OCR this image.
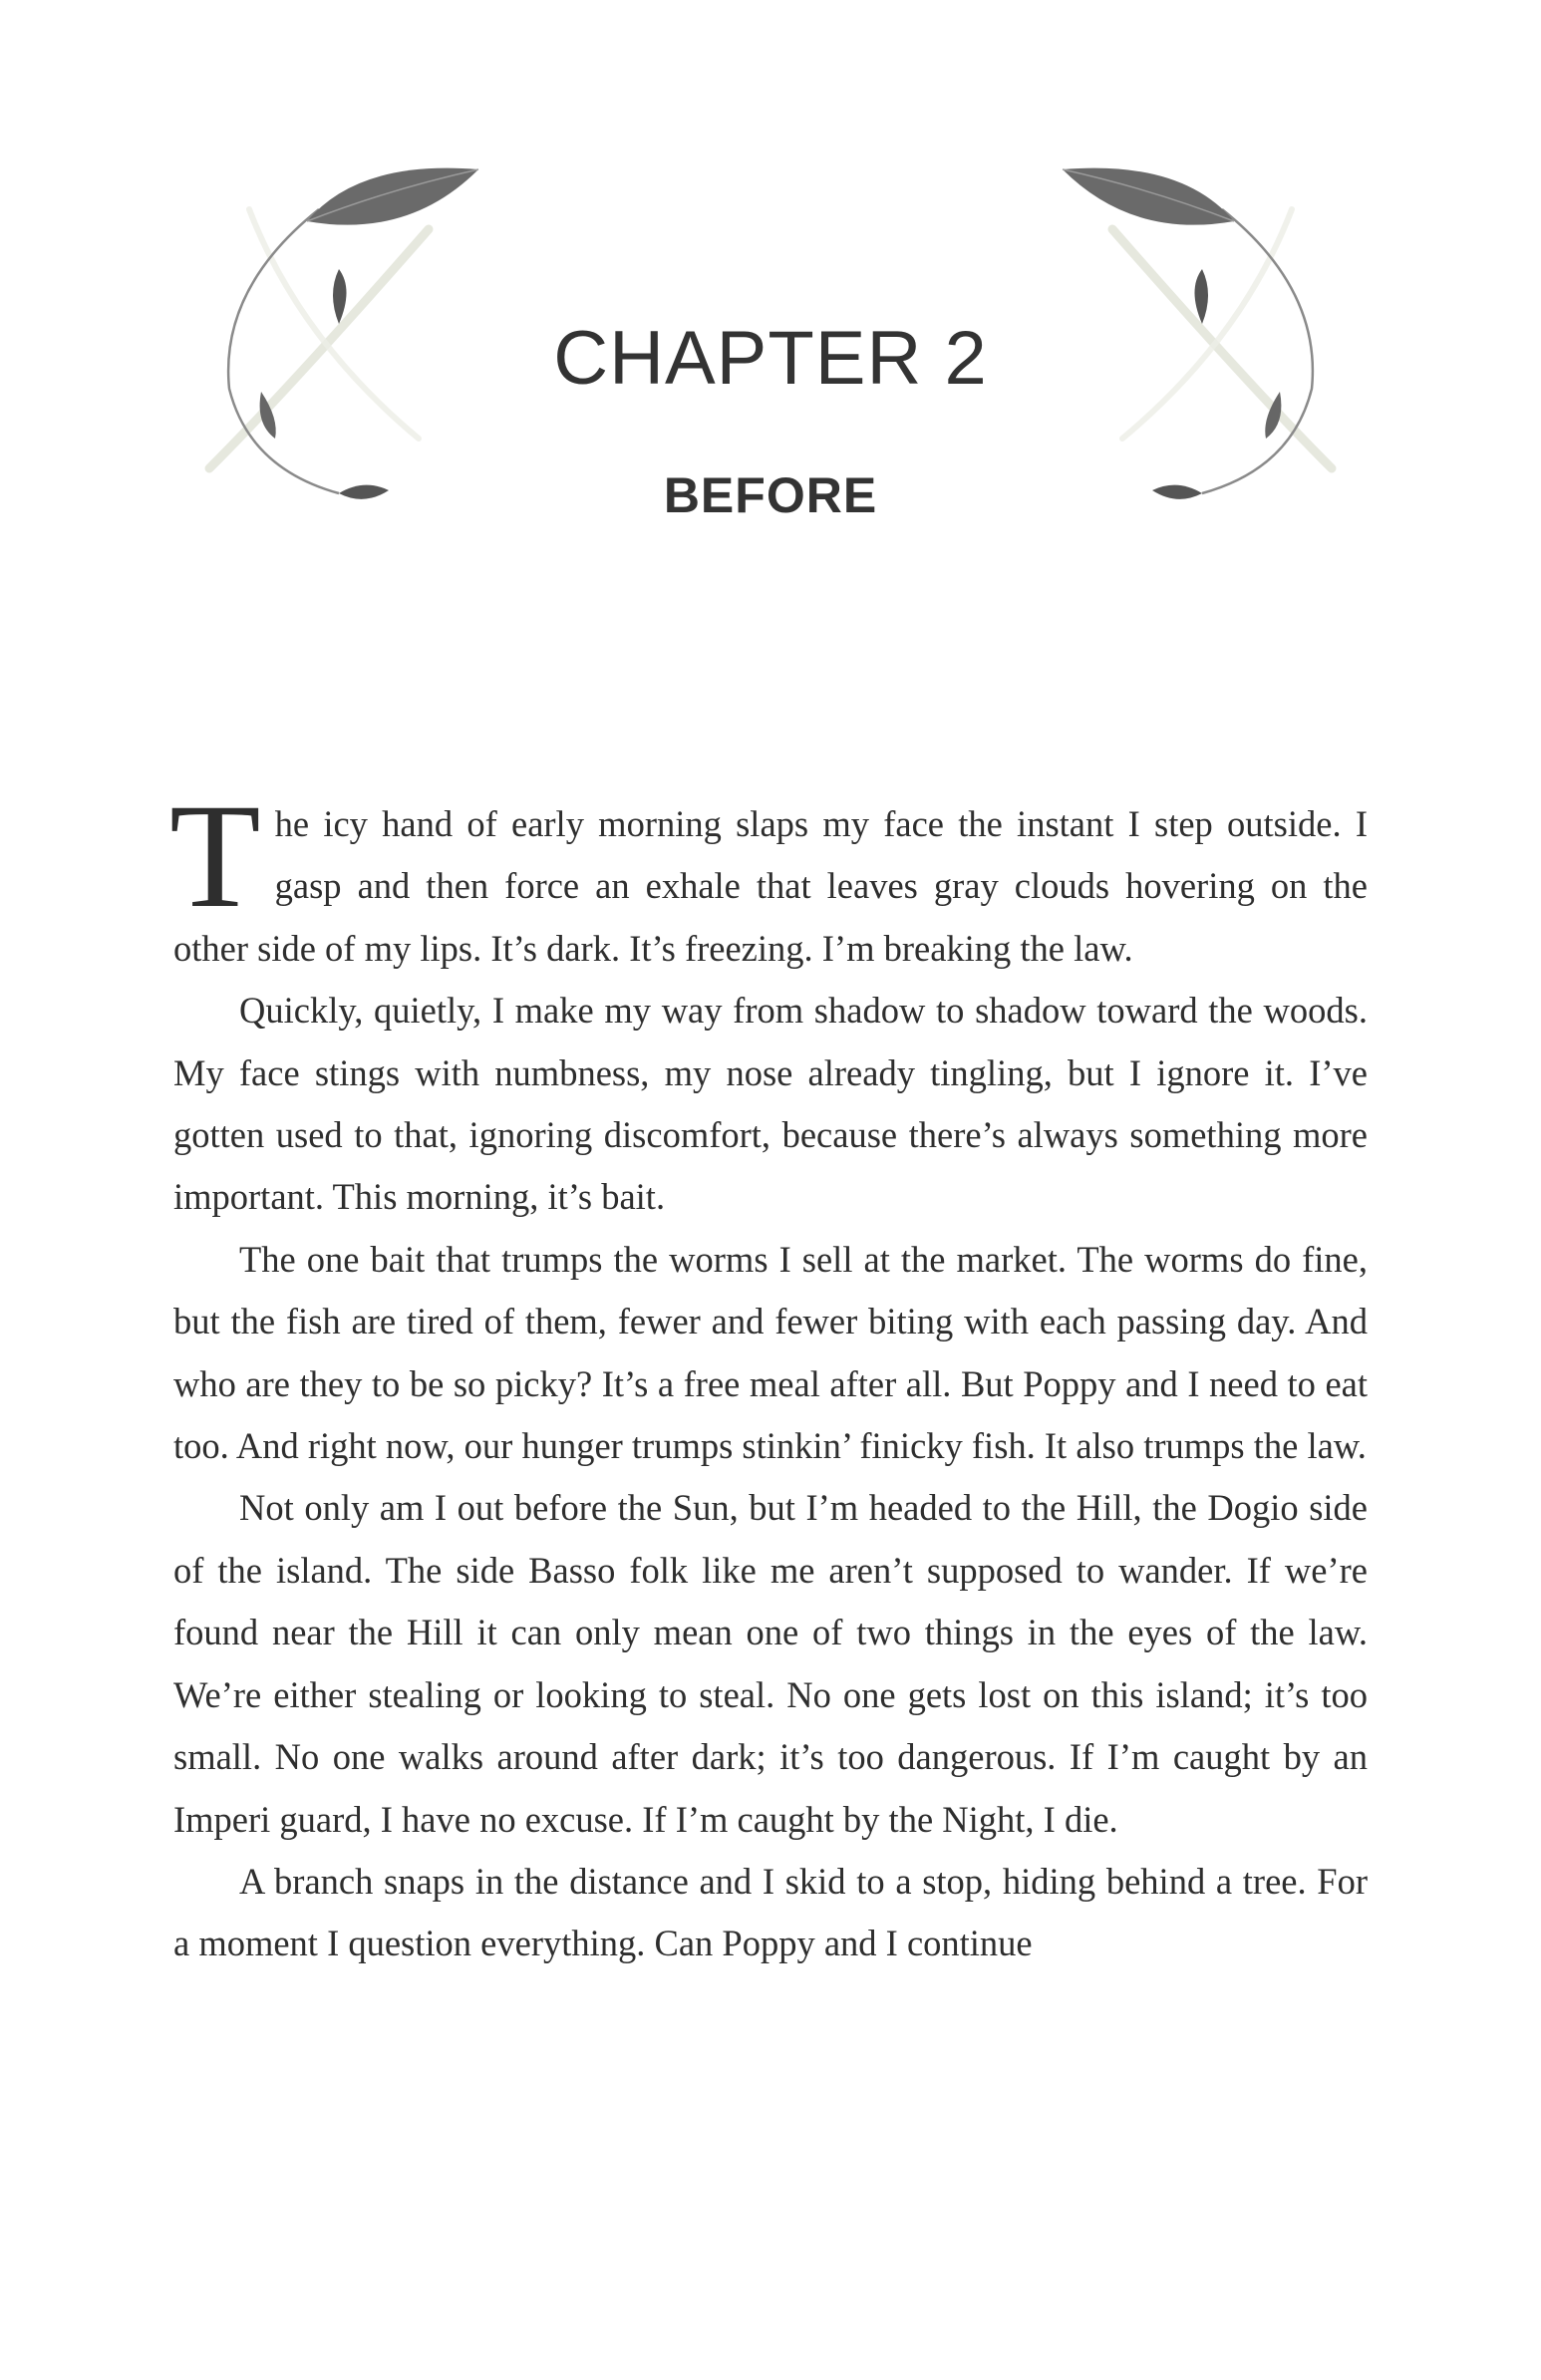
CHAPTER 2
BEFORE

The icy hand of early morning slaps my face the instant I step outside. I gasp and then force an exhale that leaves gray clouds hovering on the other side of my lips. It’s dark. It’s freezing. I’m breaking the law.

Quickly, quietly, I make my way from shadow to shadow toward the woods. My face stings with numbness, my nose already tingling, but I ignore it. I’ve gotten used to that, ignoring discomfort, because there’s always something more important. This morning, it’s bait.

The one bait that trumps the worms I sell at the market. The worms do fine, but the fish are tired of them, fewer and fewer biting with each passing day. And who are they to be so picky? It’s a free meal after all. But Poppy and I need to eat too. And right now, our hunger trumps stinkin’ finicky fish. It also trumps the law.

Not only am I out before the Sun, but I’m headed to the Hill, the Dogio side of the island. The side Basso folk like me aren’t supposed to wander. If we’re found near the Hill it can only mean one of two things in the eyes of the law. We’re either stealing or looking to steal. No one gets lost on this island; it’s too small. No one walks around after dark; it’s too dangerous. If I’m caught by an Imperi guard, I have no excuse. If I’m caught by the Night, I die.

A branch snaps in the distance and I skid to a stop, hiding behind a tree. For a moment I question everything. Can Poppy and I continue
